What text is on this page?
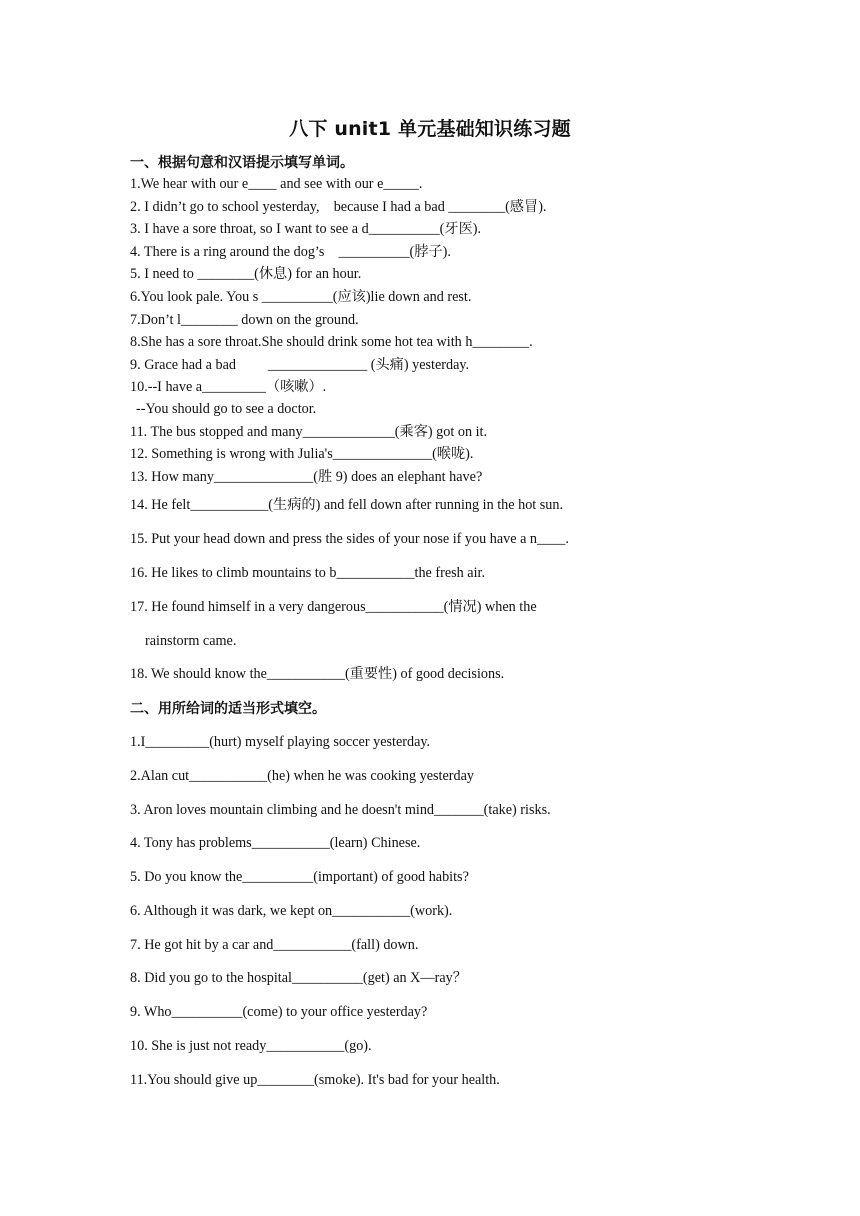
八下 unit1 单元基础知识练习题
一、根据句意和汉语提示填写单词。
1.We hear with our e____ and see with our e_____.
2. I didn’t go to school yesterday,    because I had a bad ________(感冒).
3. I have a sore throat, so I want to see a d__________(牙医).
4. There is a ring around the dog’s    __________(脖子).
5. I need to ________(休息) for an hour.
6.You look pale. You s __________(应该)lie down and rest.
7.Don’t l________ down on the ground.
8.She has a sore throat.She should drink some hot tea with h________.
9. Grace had a bad         ______________ (头痛) yesterday.
10.--I have a_________（咳嗽）.
--You should go to see a doctor.
11. The bus stopped and many_____________(乘客) got on it.
12. Something is wrong with Julia's______________(喉咙).
13. How many______________(胜 9) does an elephant have?
14. He felt___________(生病的) and fell down after running in the hot sun.
15. Put your head down and press the sides of your nose if you have a n____.
16. He likes to climb mountains to b___________the fresh air.
17. He found himself in a very dangerous___________(情况) when the
rainstorm came.
18. We should know the___________(重要性) of good decisions.
二、用所给词的适当形式填空。
1.I_________(hurt) myself playing soccer yesterday.
2.Alan cut___________(he) when he was cooking yesterday
3. Aron loves mountain climbing and he doesn't mind_______(take) risks.
4. Tony has problems___________(learn) Chinese.
5. Do you know the__________(important) of good habits?
6. Although it was dark, we kept on___________(work).
7. He got hit by a car and___________(fall) down.
8. Did you go to the hospital__________(get) an X—ray？
9. Who__________(come) to your office yesterday?
10. She is just not ready___________(go).
11.You should give up________(smoke). It's bad for your health.
